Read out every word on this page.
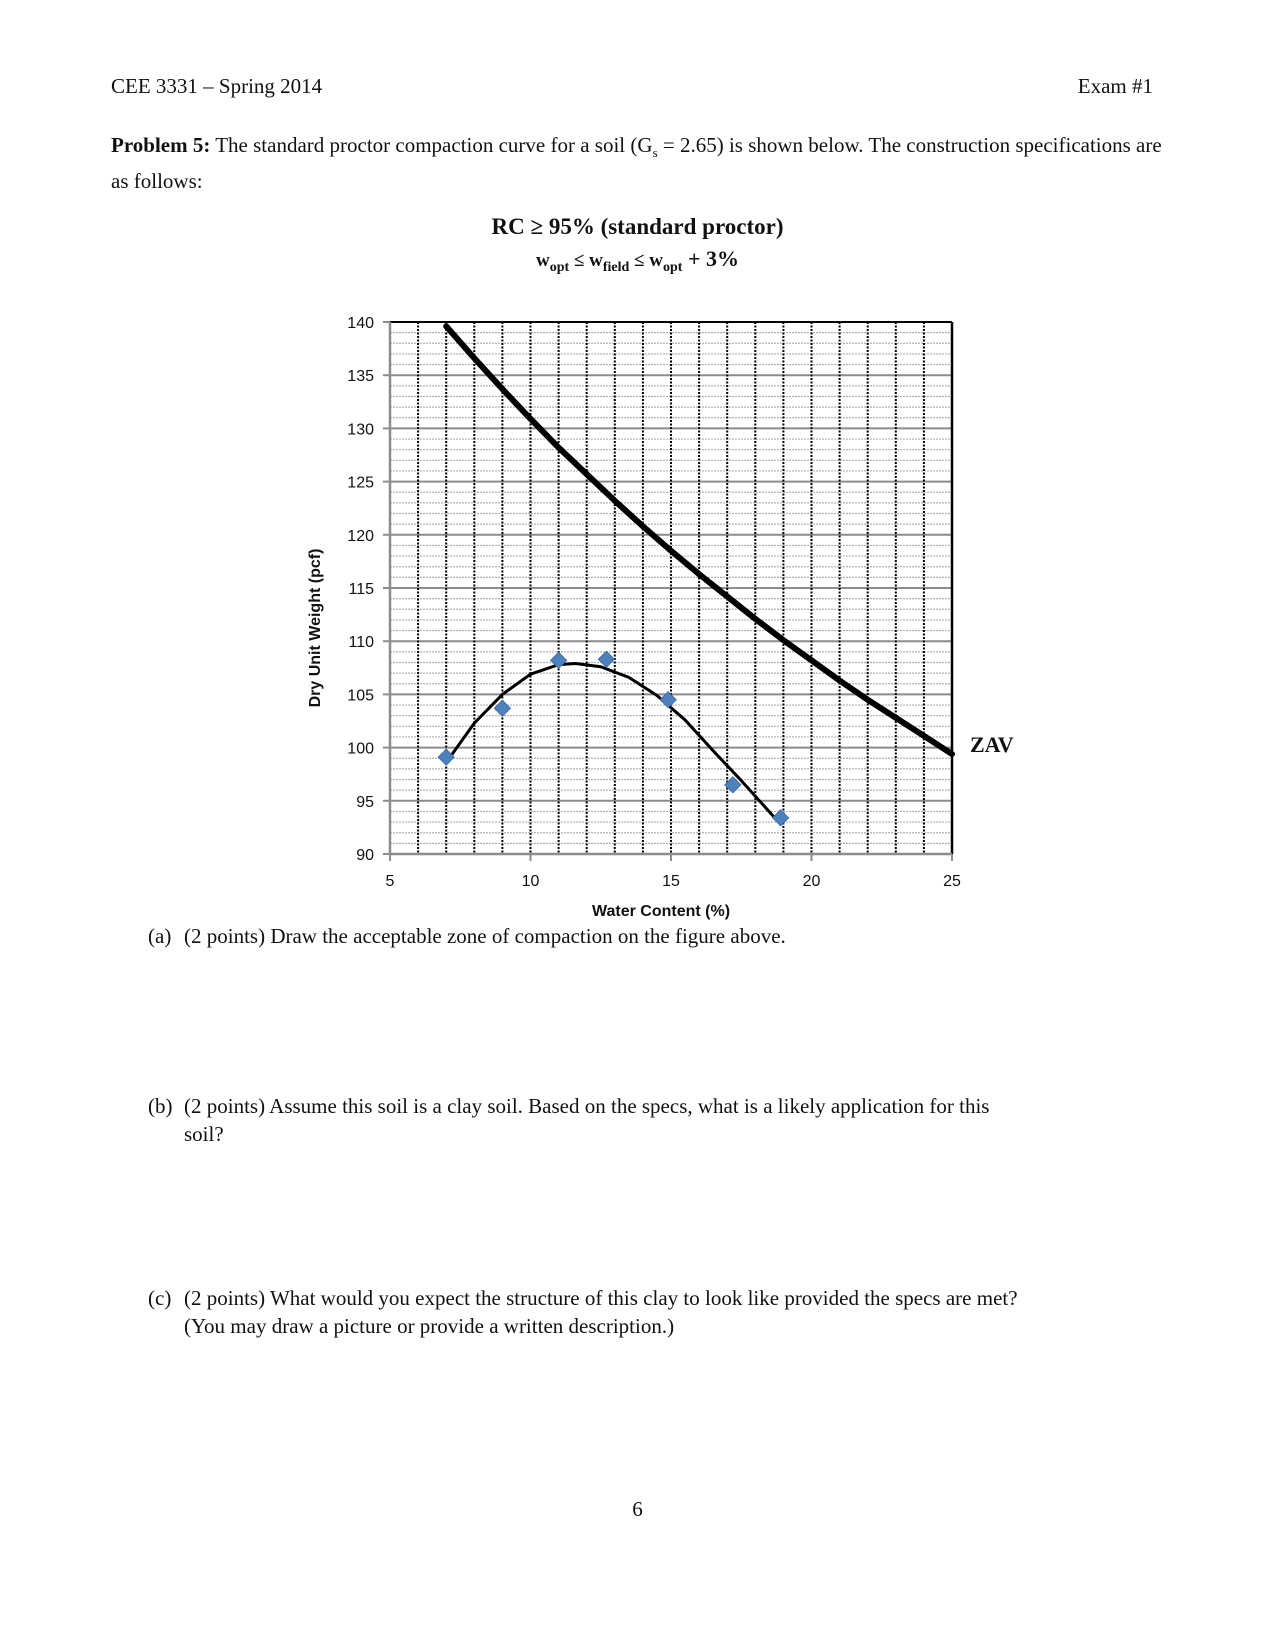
CEE 3331 – Spring 2014	Exam #1
Problem 5: The standard proctor compaction curve for a soil $(G_s = 2.65)$ is shown below. The construction specifications are as follows:
RC ≥ 95% (standard proctor)
$w_{opt} \le w_{field} \le w_{opt} + 3\%$
90
95
100
105
110
115
120
125
130
135
140
5	10	15	20	25
Water Content (%)
Dry Unit Weight (pcf)
ZAV
(a) (2 points) Draw the acceptable zone of compaction on the figure above.
(b) (2 points) Assume this soil is a clay soil. Based on the specs, what is a likely application for this
soil?
(c) (2 points) What would you expect the structure of this clay to look like provided the specs are met?
(You may draw a picture or provide a written description.)
6
